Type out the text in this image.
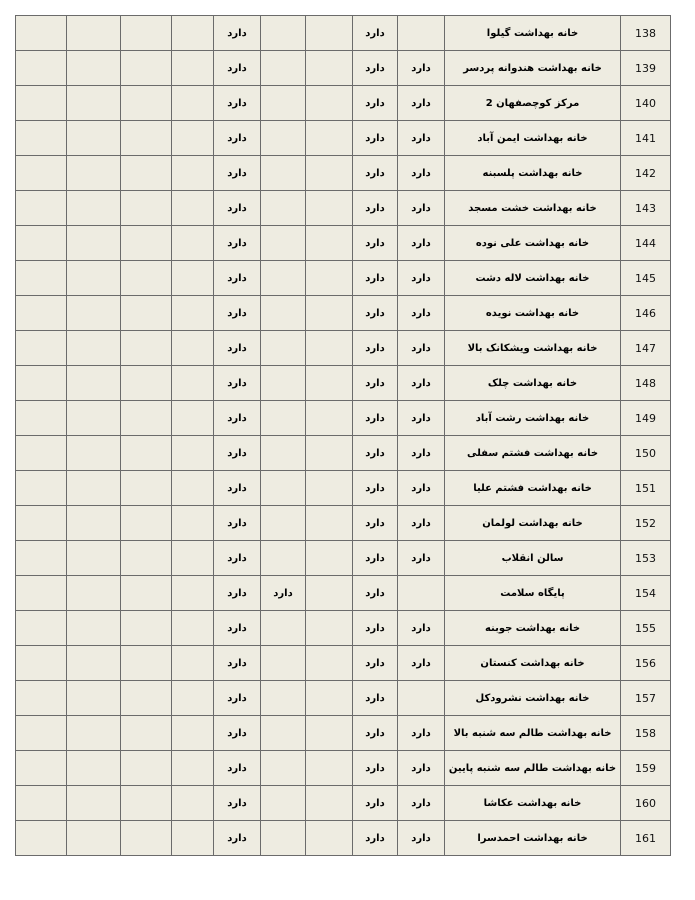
				دارد			دارد		خانه بهداشت گیلوا	138
				دارد			دارد	دارد	خانه بهداشت هندوانه پردسر	139
				دارد			دارد	دارد	مرکز کوچصفهان 2	140
				دارد			دارد	دارد	خانه بهداشت ایمن آباد	141
				دارد			دارد	دارد	خانه بهداشت پلسبنه	142
				دارد			دارد	دارد	خانه بهداشت خشت مسجد	143
				دارد			دارد	دارد	خانه بهداشت علی نوده	144
				دارد			دارد	دارد	خانه بهداشت لاله دشت	145
				دارد			دارد	دارد	خانه بهداشت نویده	146
				دارد			دارد	دارد	خانه بهداشت ویشکانک بالا	147
				دارد			دارد	دارد	خانه بهداشت چلک	148
				دارد			دارد	دارد	خانه بهداشت رشت آباد	149
				دارد			دارد	دارد	خانه بهداشت فشتم سفلی	150
				دارد			دارد	دارد	خانه بهداشت فشتم علیا	151
				دارد			دارد	دارد	خانه بهداشت لولمان	152
				دارد			دارد	دارد	سالن انقلاب	153
				دارد	دارد		دارد		پایگاه سلامت	154
				دارد			دارد	دارد	خانه بهداشت جوبنه	155
				دارد			دارد	دارد	خانه بهداشت کنستان	156
				دارد			دارد		خانه بهداشت نشرودکل	157
				دارد			دارد	دارد	خانه بهداشت طالم سه شنبه بالا	158
				دارد			دارد	دارد	خانه بهداشت طالم سه شنبه پایین	159
				دارد			دارد	دارد	خانه بهداشت عکاشا	160
				دارد			دارد	دارد	خانه بهداشت احمدسرا	161
